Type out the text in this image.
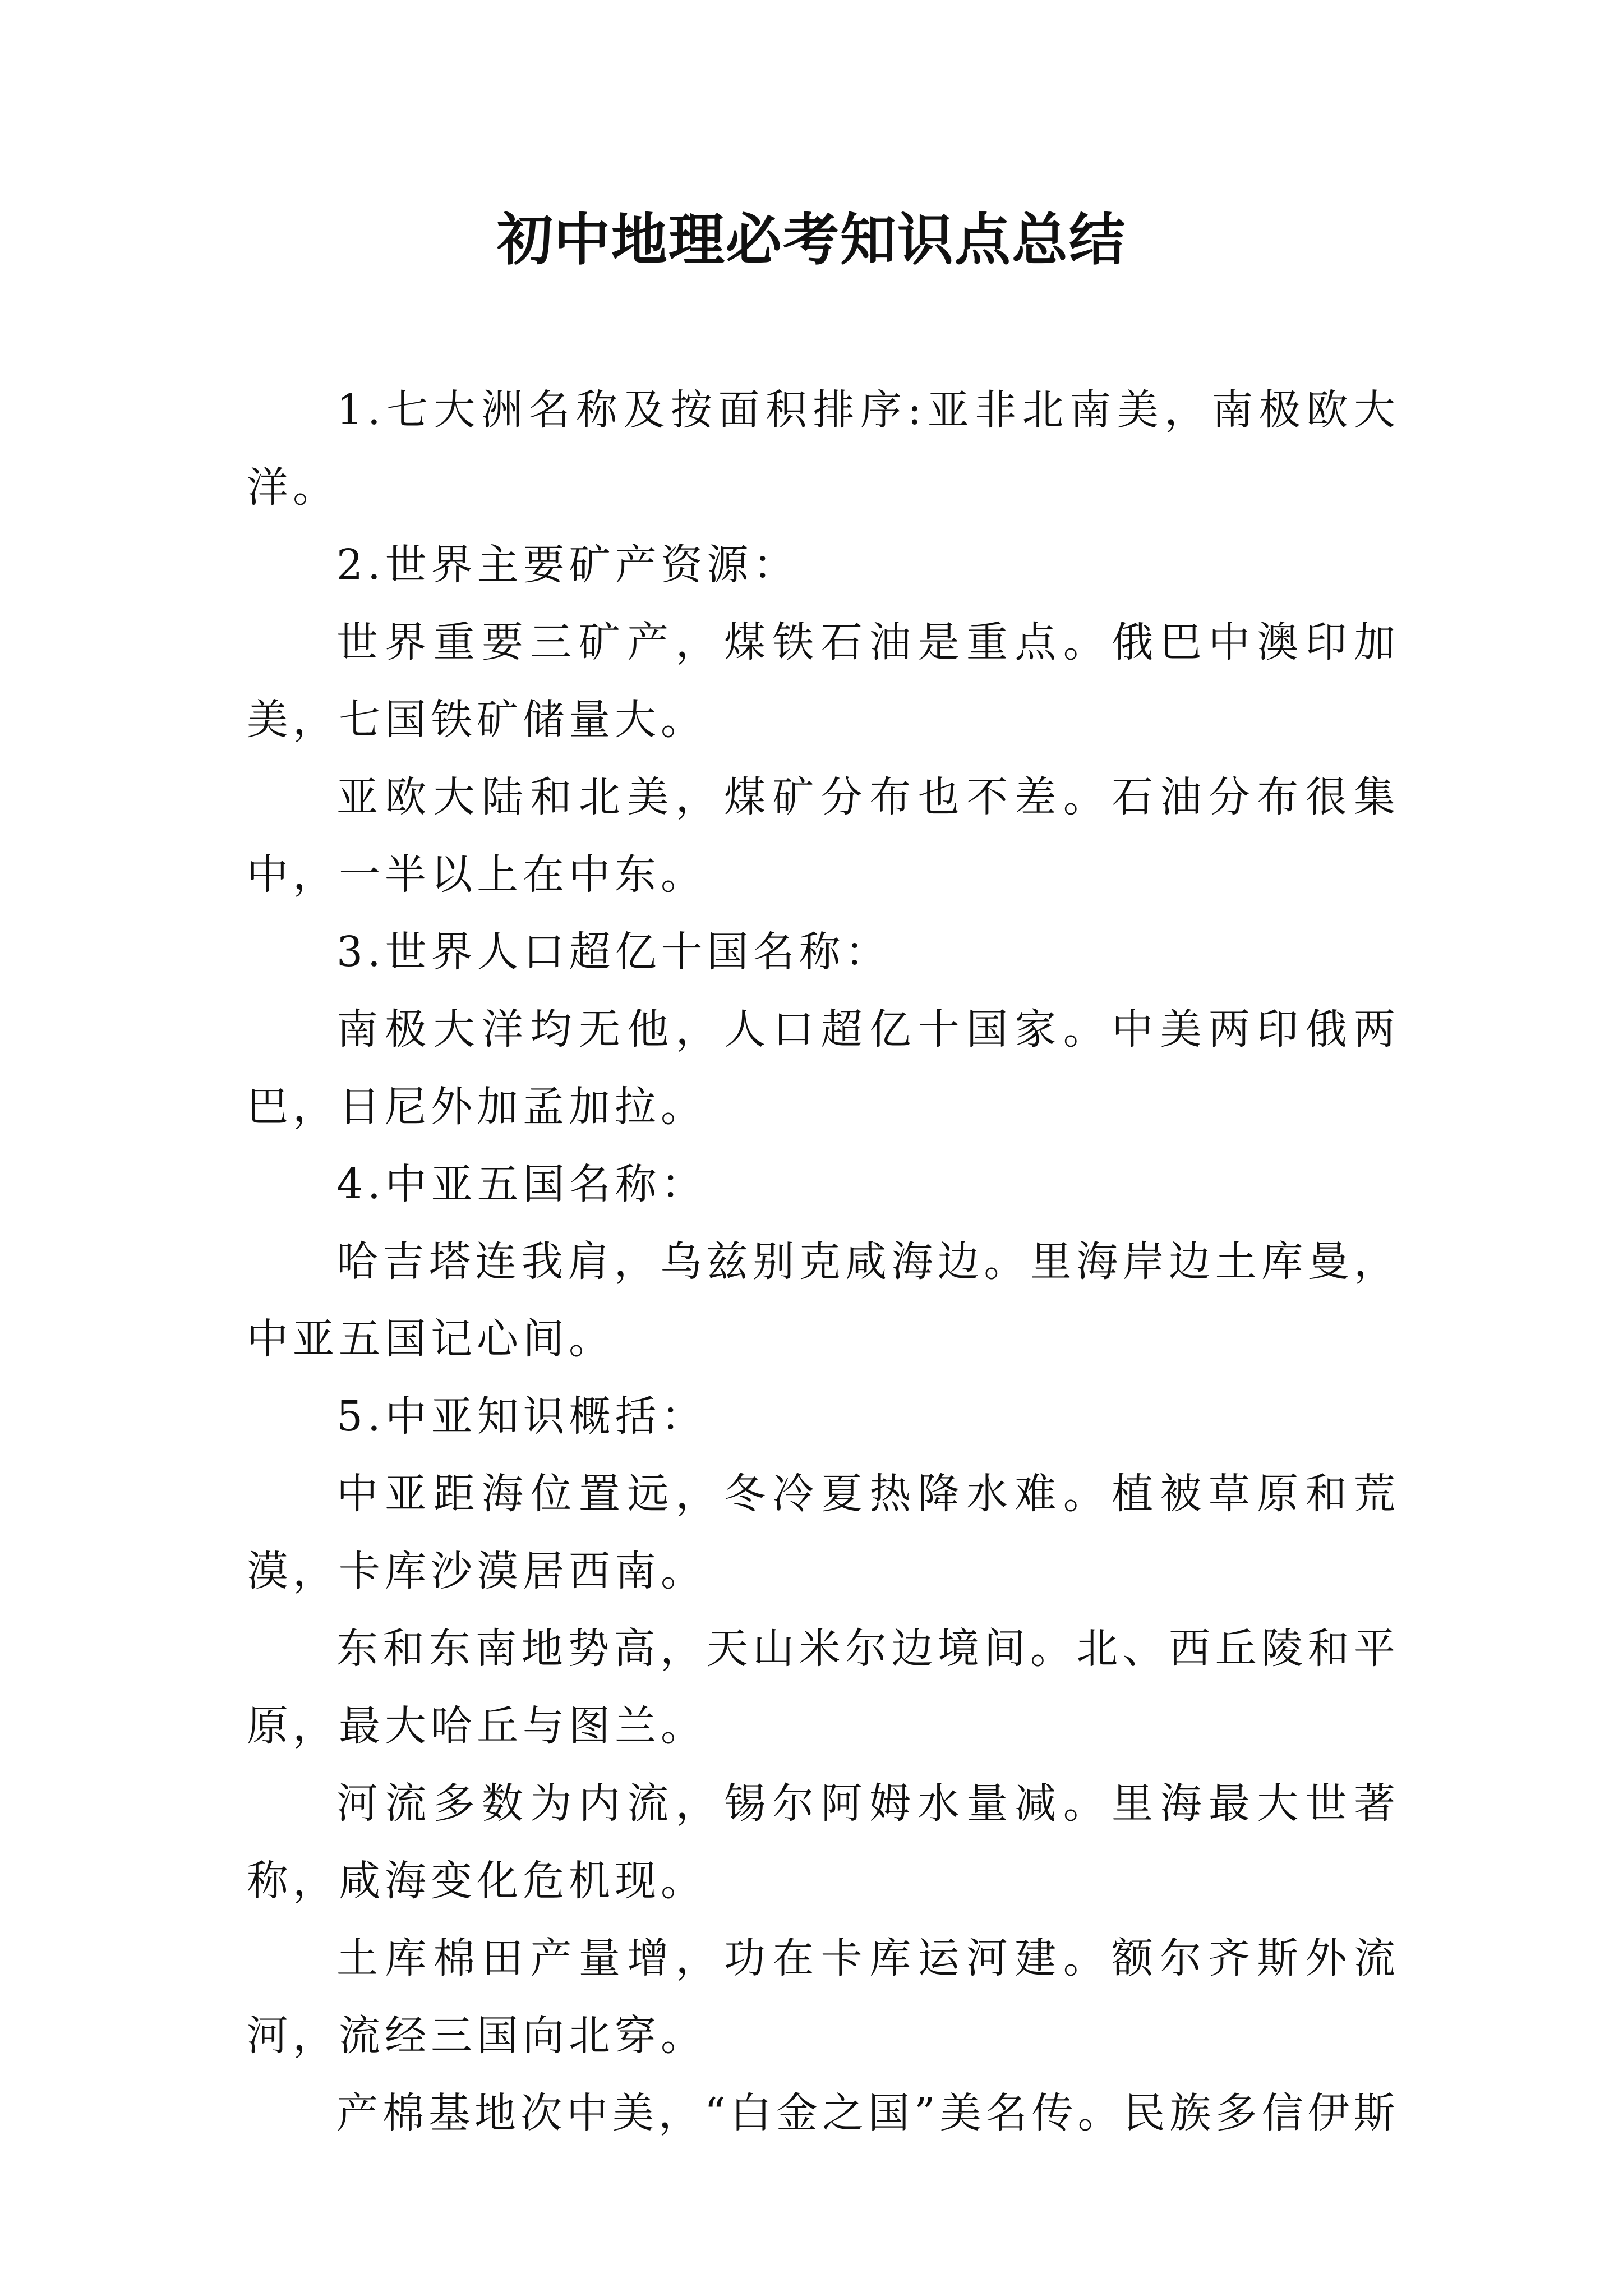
初中地理必考知识点总结

1.七大洲名称及按面积排序:亚非北南美，南极欧大洋。

2.世界主要矿产资源：

世界重要三矿产，煤铁石油是重点。俄巴中澳印加美，七国铁矿储量大。

亚欧大陆和北美，煤矿分布也不差。石油分布很集中，一半以上在中东。

3.世界人口超亿十国名称：

南极大洋均无他，人口超亿十国家。中美两印俄两巴，日尼外加孟加拉。

4.中亚五国名称：

哈吉塔连我肩，乌兹别克咸海边。里海岸边土库曼，中亚五国记心间。

5.中亚知识概括：

中亚距海位置远，冬冷夏热降水难。植被草原和荒漠，卡库沙漠居西南。

东和东南地势高，天山米尔边境间。北、西丘陵和平原，最大哈丘与图兰。

河流多数为内流，锡尔阿姆水量减。里海最大世著称，咸海变化危机现。

土库棉田产量增，功在卡库运河建。额尔齐斯外流河，流经三国向北穿。

产棉基地次中美，“白金之国”美名传。民族多信伊斯
